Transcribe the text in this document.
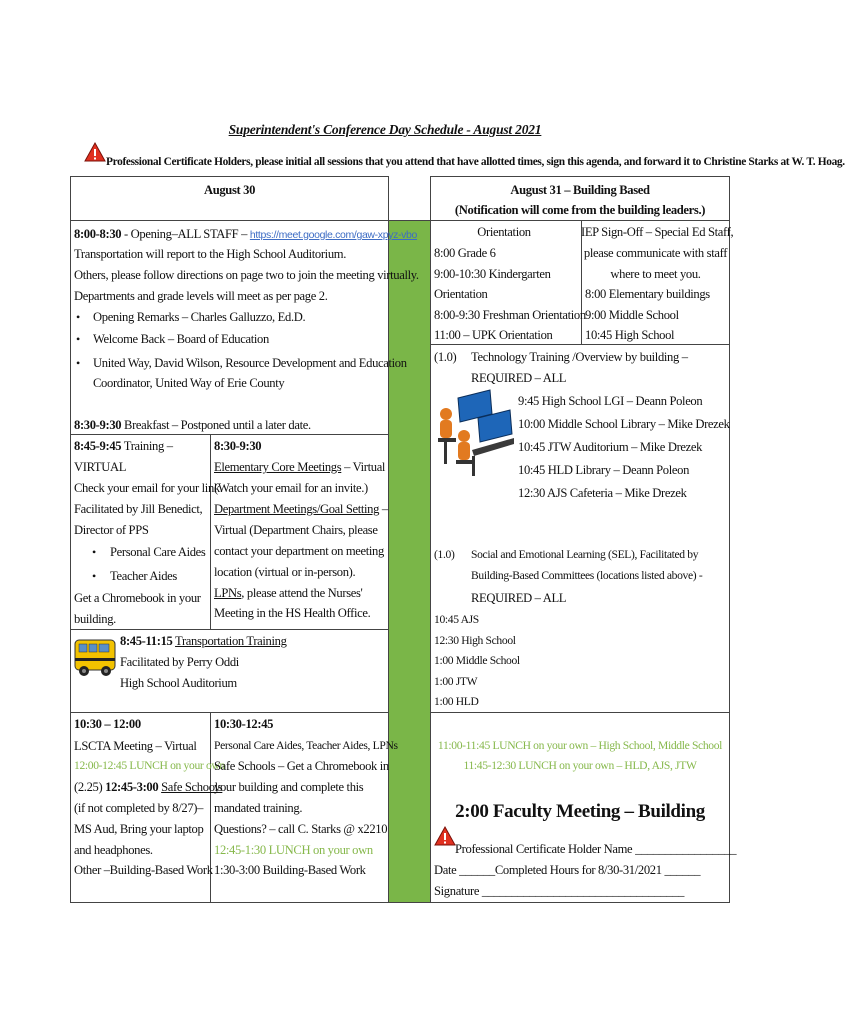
Superintendent's Conference Day Schedule - August 2021
Professional Certificate Holders, please initial all sessions that you attend that have allotted times, sign this agenda, and forward it to Christine Starks at W. T. Hoag.
August 30
8:00-8:30 - Opening–ALL STAFF – https://meet.google.com/gaw-xpyz-vbo
Transportation will report to the High School Auditorium.
Others, please follow directions on page two to join the meeting virtually.
Departments and grade levels will meet as per page 2.
• Opening Remarks – Charles Galluzzo, Ed.D.
• Welcome Back – Board of Education
• United Way, David Wilson, Resource Development and Education
Coordinator, United Way of Erie County
8:30-9:30 Breakfast – Postponed until a later date.
8:45-9:45 Training –
VIRTUAL
Check your email for your link.
Facilitated by Jill Benedict,
Director of PPS
• Personal Care Aides
• Teacher Aides
Get a Chromebook in your
building.
8:30-9:30
Elementary Core Meetings – Virtual
(Watch your email for an invite.)
Department Meetings/Goal Setting –
Virtual (Department Chairs, please
contact your department on meeting
location (virtual or in-person).
LPNs, please attend the Nurses'
Meeting in the HS Health Office.
8:45-11:15 Transportation Training
Facilitated by Perry Oddi
High School Auditorium
10:30 – 12:00
LSCTA Meeting – Virtual
12:00-12:45 LUNCH on your own
(2.25) 12:45-3:00 Safe Schools
(if not completed by 8/27)–
MS Aud, Bring your laptop
and headphones.
Other –Building-Based Work
10:30-12:45
Personal Care Aides, Teacher Aides, LPNs
Safe Schools – Get a Chromebook in
your building and complete this
mandated training.
Questions? – call C. Starks @ x2210
12:45-1:30 LUNCH on your own
1:30-3:00 Building-Based Work
August 31 – Building Based
(Notification will come from the building leaders.)
Orientation
8:00 Grade 6
9:00-10:30 Kindergarten
Orientation
8:00-9:30 Freshman Orientation
11:00 – UPK Orientation
IEP Sign-Off – Special Ed Staff,
please communicate with staff
where to meet you.
8:00 Elementary buildings
9:00 Middle School
10:45 High School
(1.0) Technology Training /Overview by building –
REQUIRED – ALL
9:45 High School LGI – Deann Poleon
10:00 Middle School Library – Mike Drezek
10:45 JTW Auditorium – Mike Drezek
10:45 HLD Library – Deann Poleon
12:30 AJS Cafeteria – Mike Drezek
(1.0) Social and Emotional Learning (SEL), Facilitated by
Building-Based Committees (locations listed above) -
REQUIRED – ALL
10:45 AJS
12:30 High School
1:00 Middle School
1:00 JTW
1:00 HLD
11:00-11:45 LUNCH on your own – High School, Middle School
11:45-12:30 LUNCH on your own – HLD, AJS, JTW
2:00 Faculty Meeting – Building
Professional Certificate Holder Name _________________
Date ______Completed Hours for 8/30-31/2021 ______
Signature __________________________________
